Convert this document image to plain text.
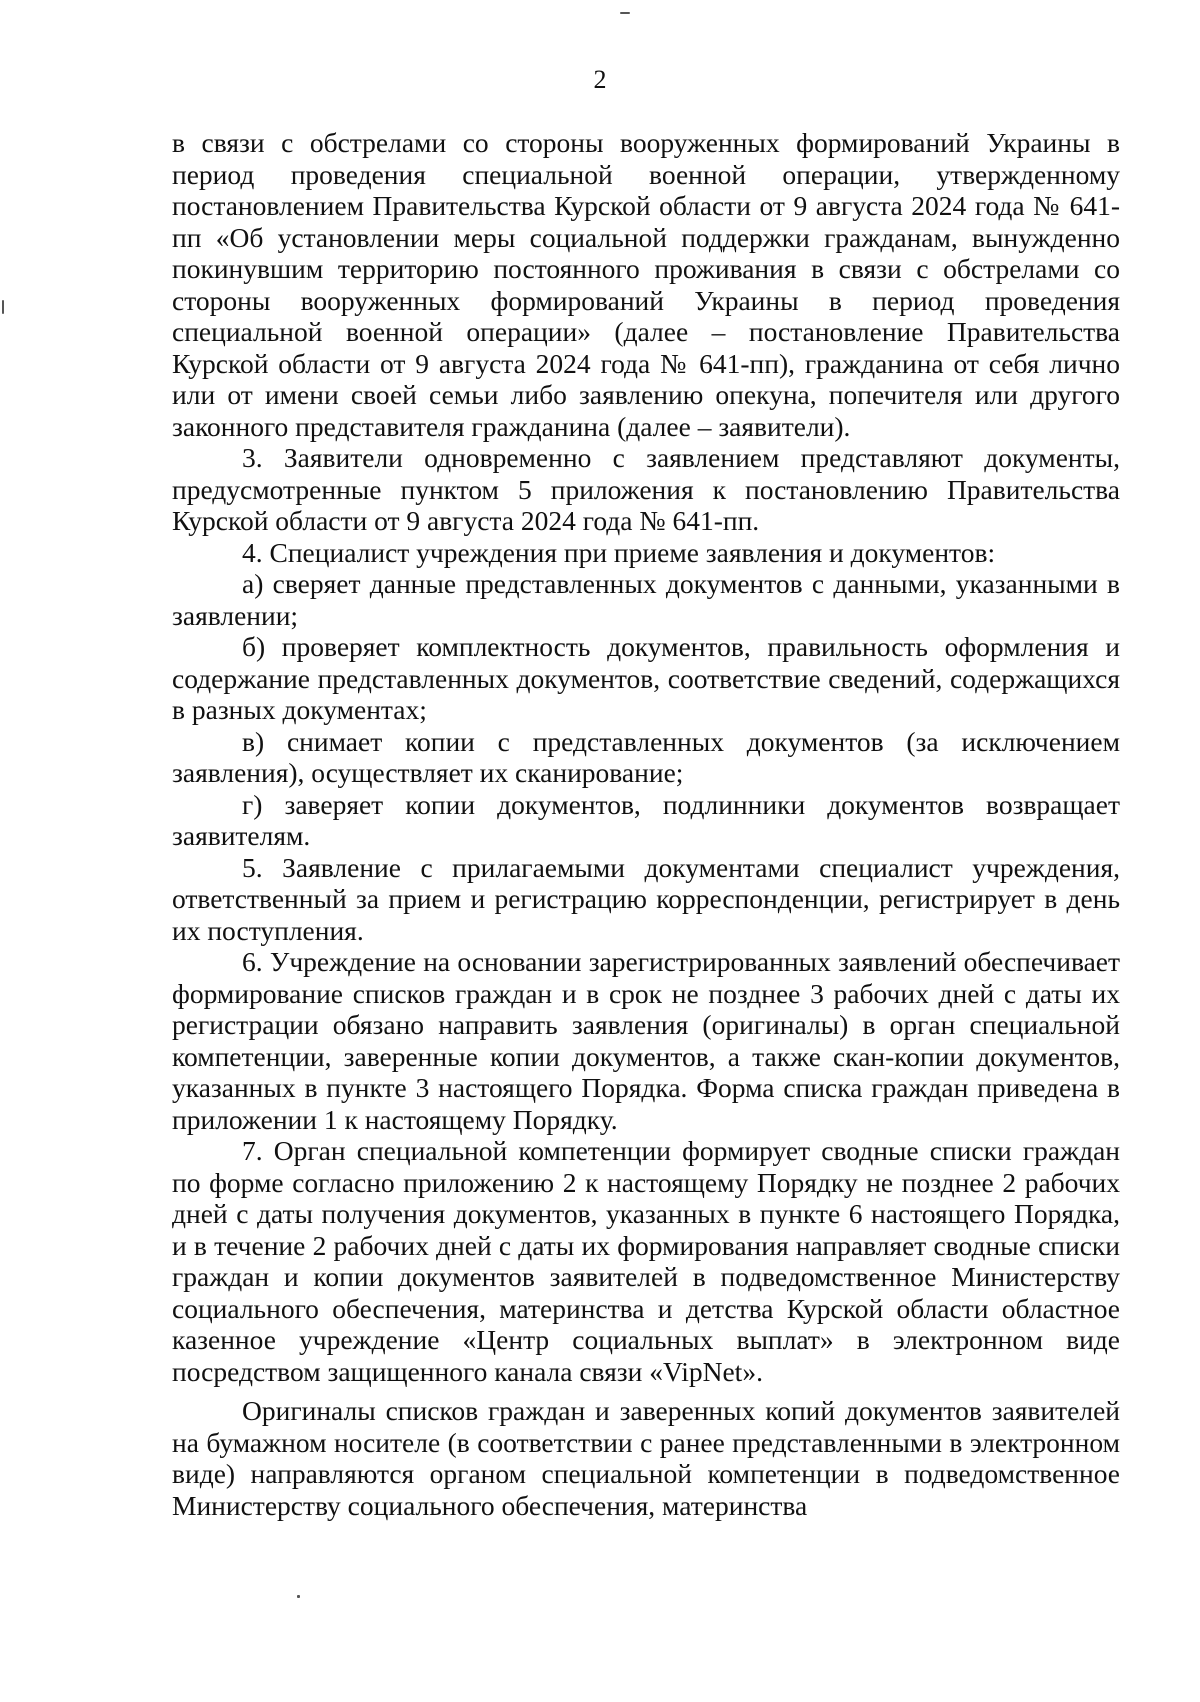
2

в связи с обстрелами со стороны вооруженных формирований Украины в период проведения специальной военной операции, утвержденному постановлением Правительства Курской области от 9 августа 2024 года № 641-пп «Об установлении меры социальной поддержки гражданам, вынужденно покинувшим территорию постоянного проживания в связи с обстрелами со стороны вооруженных формирований Украины в период проведения специальной военной операции» (далее – постановление Правительства Курской области от 9 августа 2024 года № 641-пп), гражданина от себя лично или от имени своей семьи либо заявлению опекуна, попечителя или другого законного представителя гражданина (далее – заявители).

3. Заявители одновременно с заявлением представляют документы, предусмотренные пунктом 5 приложения к постановлению Правительства Курской области от 9 августа 2024 года № 641-пп.

4. Специалист учреждения при приеме заявления и документов:

а) сверяет данные представленных документов с данными, указанными в заявлении;

б) проверяет комплектность документов, правильность оформления и содержание представленных документов, соответствие сведений, содержащихся в разных документах;

в) снимает копии с представленных документов (за исключением заявления), осуществляет их сканирование;

г) заверяет копии документов, подлинники документов возвращает заявителям.

5. Заявление с прилагаемыми документами специалист учреждения, ответственный за прием и регистрацию корреспонденции, регистрирует в день их поступления.

6. Учреждение на основании зарегистрированных заявлений обеспечивает формирование списков граждан и в срок не позднее 3 рабочих дней с даты их регистрации обязано направить заявления (оригиналы) в орган специальной компетенции, заверенные копии документов, а также скан-копии документов, указанных в пункте 3 настоящего Порядка. Форма списка граждан приведена в приложении 1 к настоящему Порядку.

7. Орган специальной компетенции формирует сводные списки граждан по форме согласно приложению 2 к настоящему Порядку не позднее 2 рабочих дней с даты получения документов, указанных в пункте 6 настоящего Порядка, и в течение 2 рабочих дней с даты их формирования направляет сводные списки граждан и копии документов заявителей в подведомственное Министерству социального обеспечения, материнства и детства Курской области областное казенное учреждение «Центр социальных выплат» в электронном виде посредством защищенного канала связи «VipNet».

Оригиналы списков граждан и заверенных копий документов заявителей на бумажном носителе (в соответствии с ранее представленными в электронном виде) направляются органом специальной компетенции в подведомственное Министерству социального обеспечения, материнства
